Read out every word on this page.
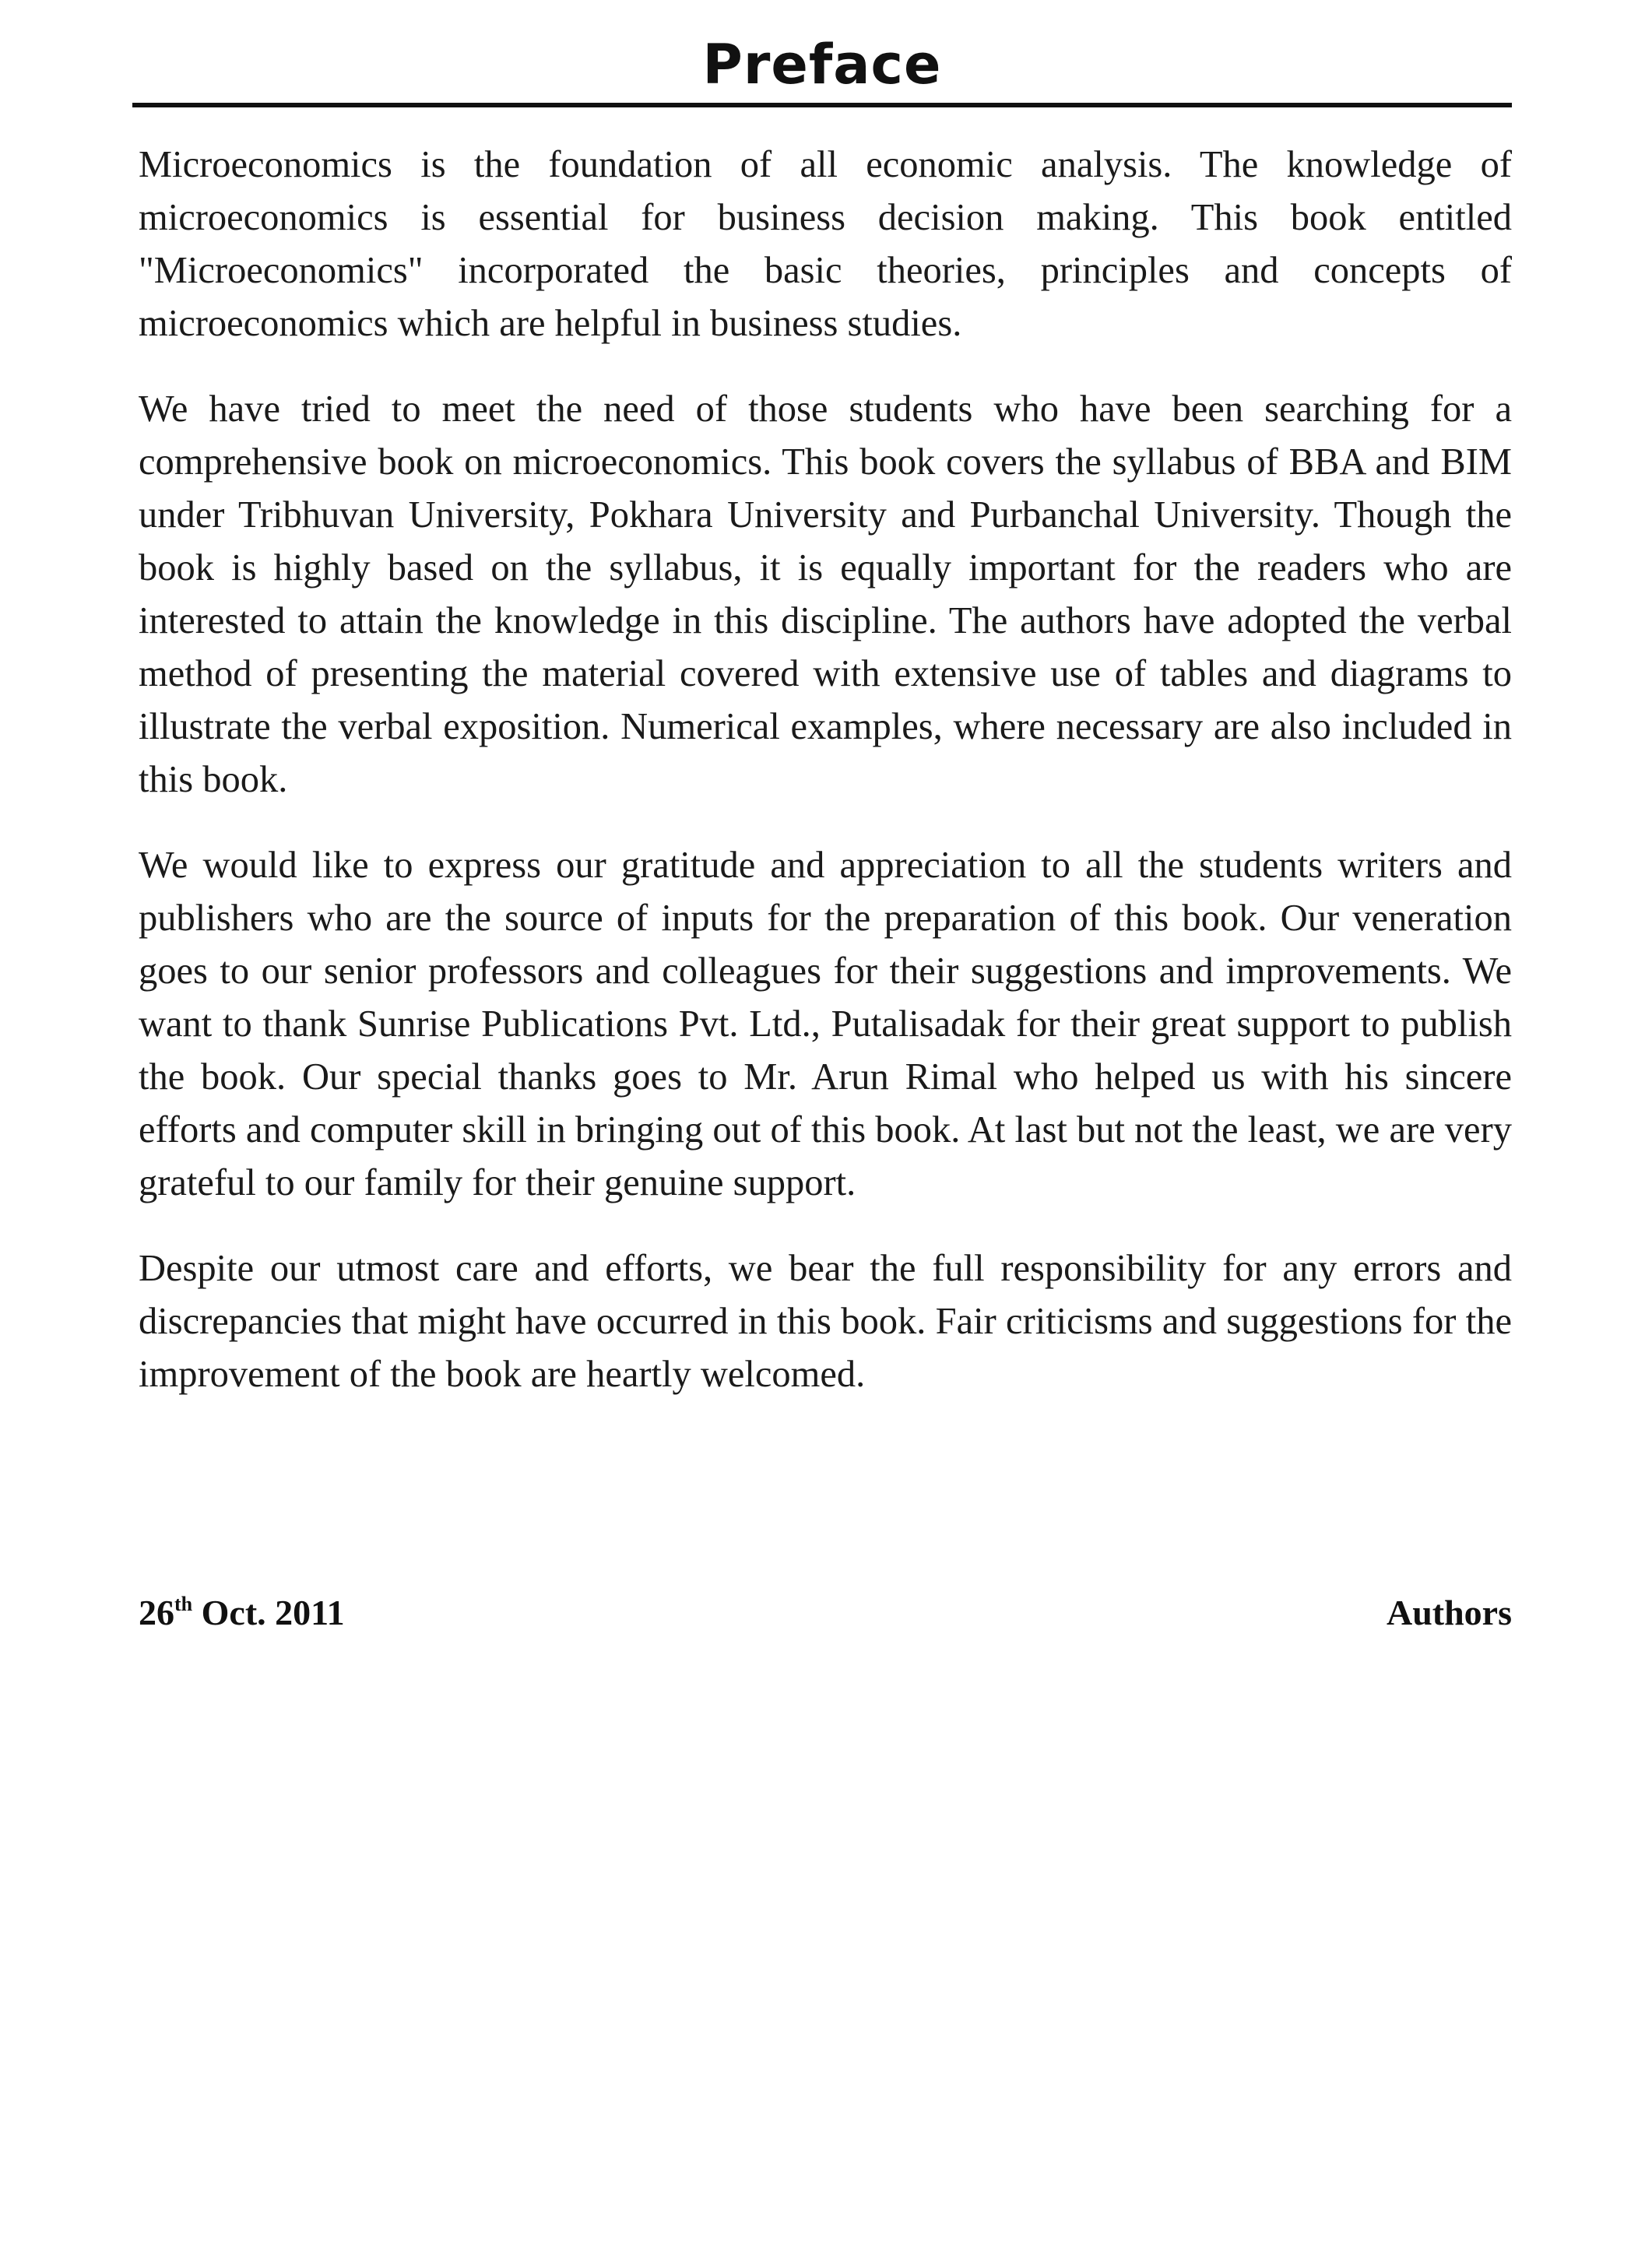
Preface

Microeconomics is the foundation of all economic analysis. The knowledge of microeconomics is essential for business decision making. This book entitled "Microeconomics" incorporated the basic theories, principles and concepts of microeconomics which are helpful in business studies.

We have tried to meet the need of those students who have been searching for a comprehensive book on microeconomics. This book covers the syllabus of BBA and BIM under Tribhuvan University, Pokhara University and Purbanchal University. Though the book is highly based on the syllabus, it is equally important for the readers who are interested to attain the knowledge in this discipline. The authors have adopted the verbal method of presenting the material covered with extensive use of tables and diagrams to illustrate the verbal exposition. Numerical examples, where necessary are also included in this book.

We would like to express our gratitude and appreciation to all the students writers and publishers who are the source of inputs for the preparation of this book. Our veneration goes to our senior professors and colleagues for their suggestions and improvements. We want to thank Sunrise Publications Pvt. Ltd., Putalisadak for their great support to publish the book. Our special thanks goes to Mr. Arun Rimal who helped us with his sincere efforts and computer skill in bringing out of this book. At last but not the least, we are very grateful to our family for their genuine support.

Despite our utmost care and efforts, we bear the full responsibility for any errors and discrepancies that might have occurred in this book. Fair criticisms and suggestions for the improvement of the book are heartly welcomed.

26th Oct. 2011	Authors
